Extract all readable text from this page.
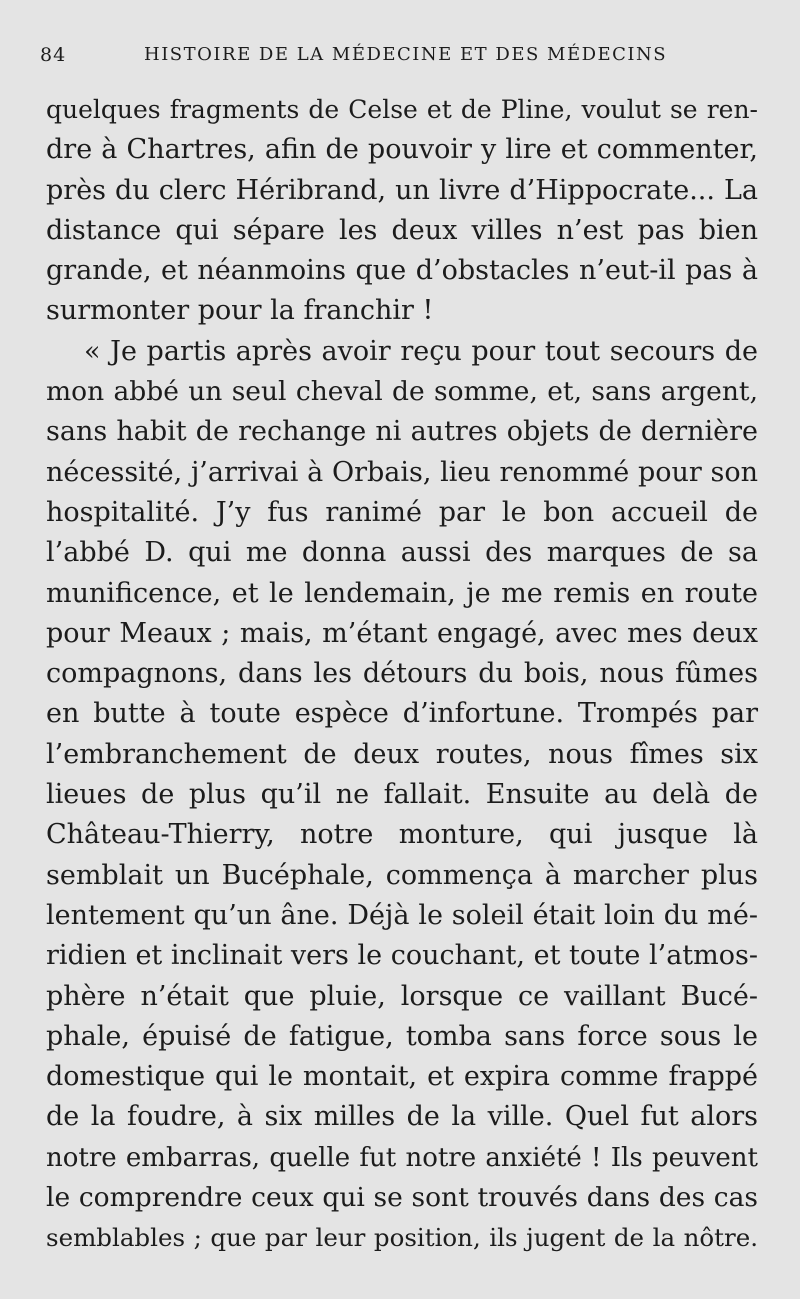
84	HISTOIRE DE LA MÉDECINE ET DES MÉDECINS
quelques fragments de Celse et de Pline, voulut se ren-
dre à Chartres, afin de pouvoir y lire et commenter,
près du clerc Héribrand, un livre d’Hippocrate... La
distance qui sépare les deux villes n’est pas bien
grande, et néanmoins que d’obstacles n’eut-il pas à
surmonter pour la franchir !
« Je partis après avoir reçu pour tout secours de
mon abbé un seul cheval de somme, et, sans argent,
sans habit de rechange ni autres objets de dernière
nécessité, j’arrivai à Orbais, lieu renommé pour son
hospitalité. J’y fus ranimé par le bon accueil de
l’abbé D. qui me donna aussi des marques de sa
munificence, et le lendemain, je me remis en route
pour Meaux ; mais, m’étant engagé, avec mes deux
compagnons, dans les détours du bois, nous fûmes
en butte à toute espèce d’infortune. Trompés par
l’embranchement de deux routes, nous fîmes six
lieues de plus qu’il ne fallait. Ensuite au delà de
Château-Thierry, notre monture, qui jusque là
semblait un Bucéphale, commença à marcher plus
lentement qu’un âne. Déjà le soleil était loin du mé-
ridien et inclinait vers le couchant, et toute l’atmos-
phère n’était que pluie, lorsque ce vaillant Bucé-
phale, épuisé de fatigue, tomba sans force sous le
domestique qui le montait, et expira comme frappé
de la foudre, à six milles de la ville. Quel fut alors
notre embarras, quelle fut notre anxiété ! Ils peuvent
le comprendre ceux qui se sont trouvés dans des cas
semblables ; que par leur position, ils jugent de la nôtre.
